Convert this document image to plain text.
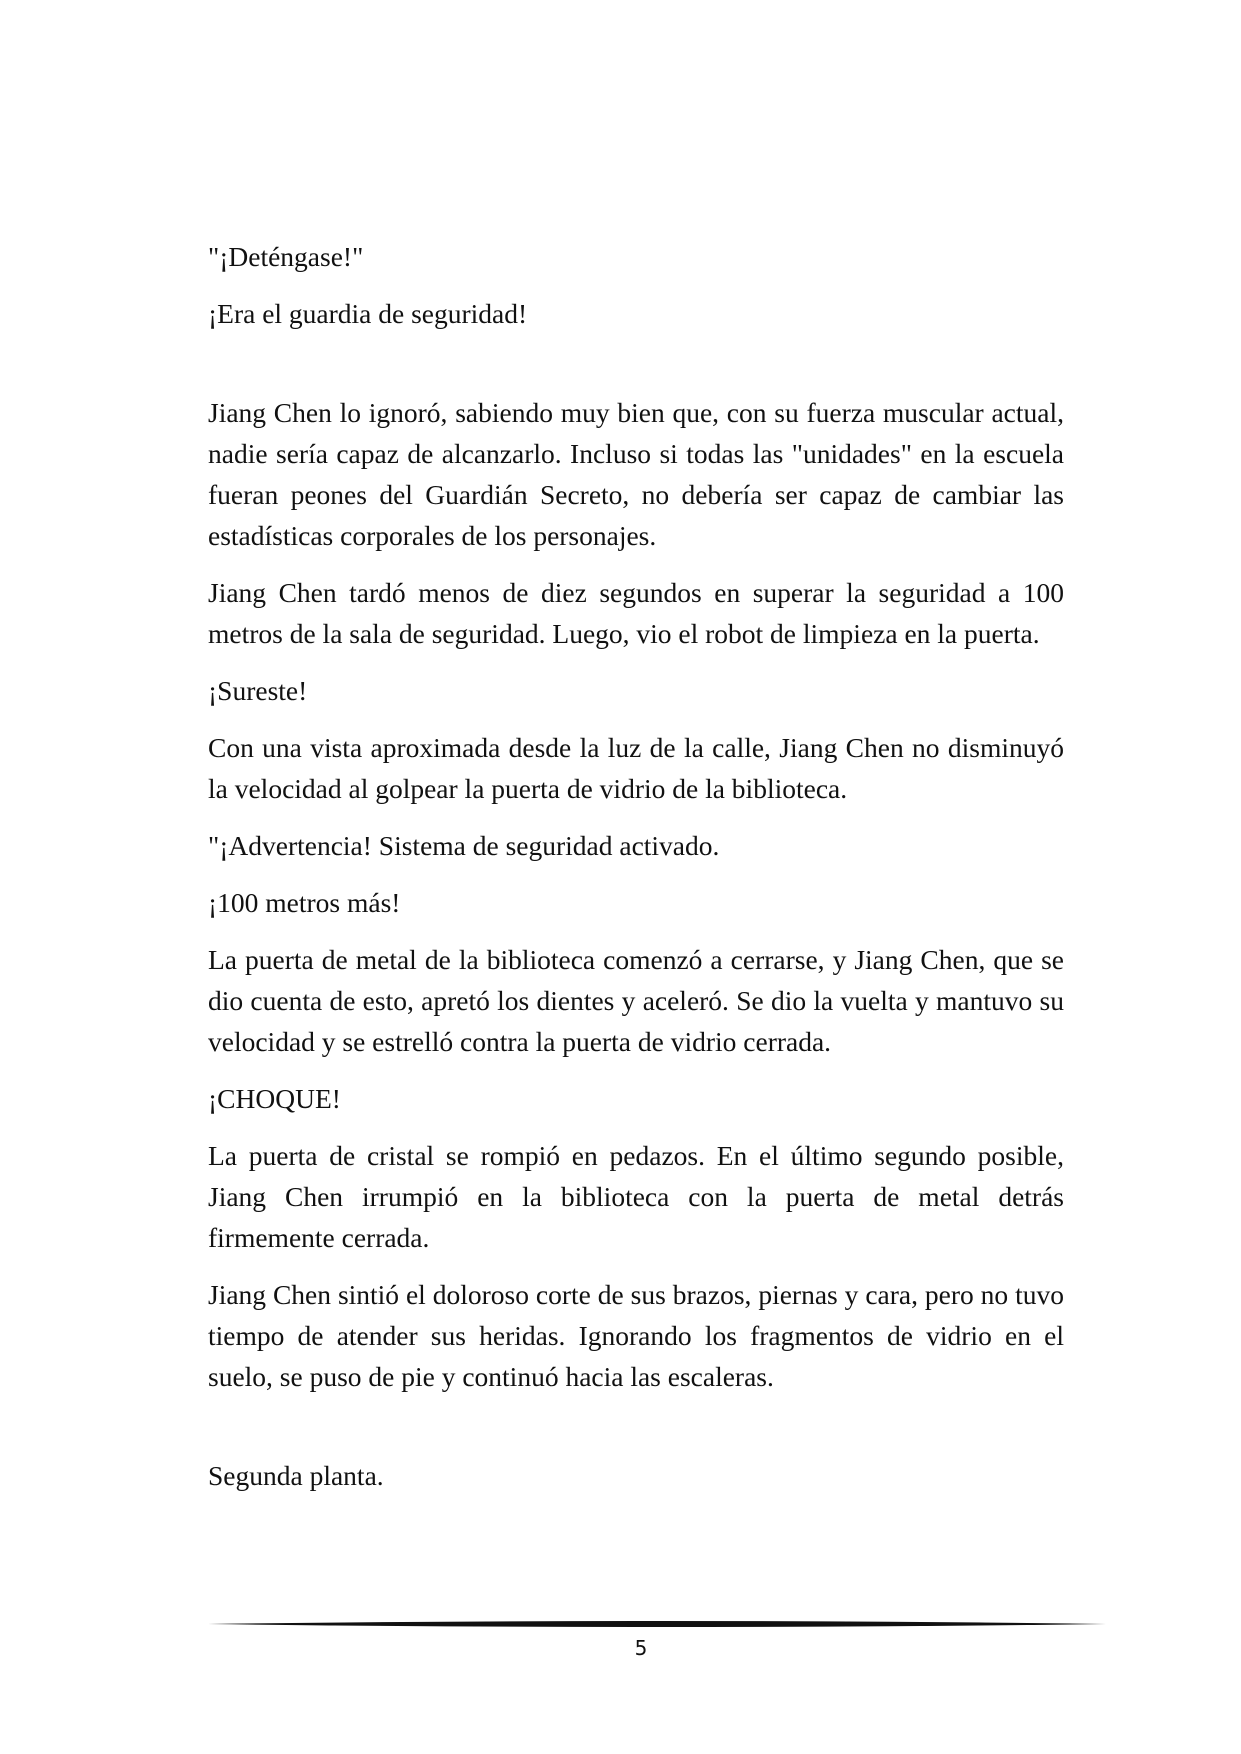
"¡Deténgase!"

¡Era el guardia de seguridad!

Jiang Chen lo ignoró, sabiendo muy bien que, con su fuerza muscular actual, nadie sería capaz de alcanzarlo. Incluso si todas las "unidades" en la escuela fueran peones del Guardián Secreto, no debería ser capaz de cambiar las estadísticas corporales de los personajes.

Jiang Chen tardó menos de diez segundos en superar la seguridad a 100 metros de la sala de seguridad. Luego, vio el robot de limpieza en la puerta.

¡Sureste!

Con una vista aproximada desde la luz de la calle, Jiang Chen no disminuyó la velocidad al golpear la puerta de vidrio de la biblioteca.

"¡Advertencia! Sistema de seguridad activado.

¡100 metros más!

La puerta de metal de la biblioteca comenzó a cerrarse, y Jiang Chen, que se dio cuenta de esto, apretó los dientes y aceleró. Se dio la vuelta y mantuvo su velocidad y se estrelló contra la puerta de vidrio cerrada.

¡CHOQUE!

La puerta de cristal se rompió en pedazos. En el último segundo posible, Jiang Chen irrumpió en la biblioteca con la puerta de metal detrás firmemente cerrada.

Jiang Chen sintió el doloroso corte de sus brazos, piernas y cara, pero no tuvo tiempo de atender sus heridas. Ignorando los fragmentos de vidrio en el suelo, se puso de pie y continuó hacia las escaleras.

Segunda planta.

5
